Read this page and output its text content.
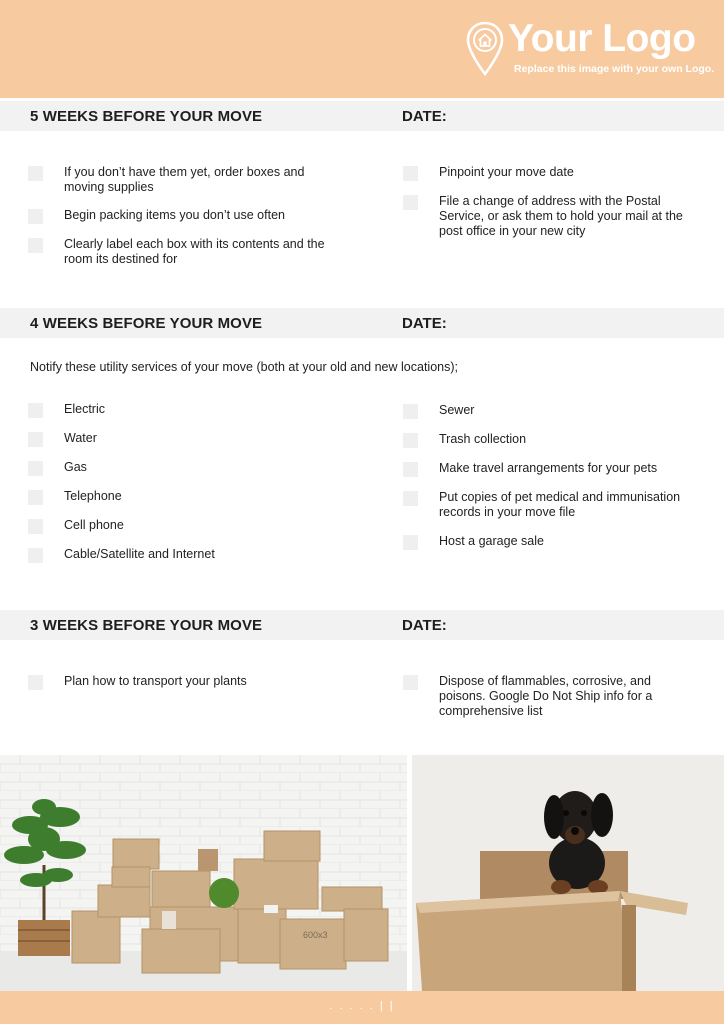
Your Logo
Replace this image with your own Logo.
5 WEEKS BEFORE YOUR MOVE	DATE:
If you don’t have them yet, order boxes and moving supplies
Begin packing items you don’t use often
Clearly label each box with its contents and the room its destined for
Pinpoint your move date
File a change of address with the Postal Service, or ask them to hold your mail at the post office in your new city
4 WEEKS BEFORE YOUR MOVE	DATE:
Notify these utility services of your move (both at your old and new locations);
Electric
Water
Gas
Telephone
Cell phone
Cable/Satellite and Internet
Sewer
Trash collection
Make travel arrangements for your pets
Put copies of pet medical and immunisation records in your move file
Host a garage sale
3 WEEKS BEFORE YOUR MOVE	DATE:
Plan how to transport your plants	Dispose of flammables, corrosive, and poisons. Google Do Not Ship info for a comprehensive list
600x3
. . . . . | |
